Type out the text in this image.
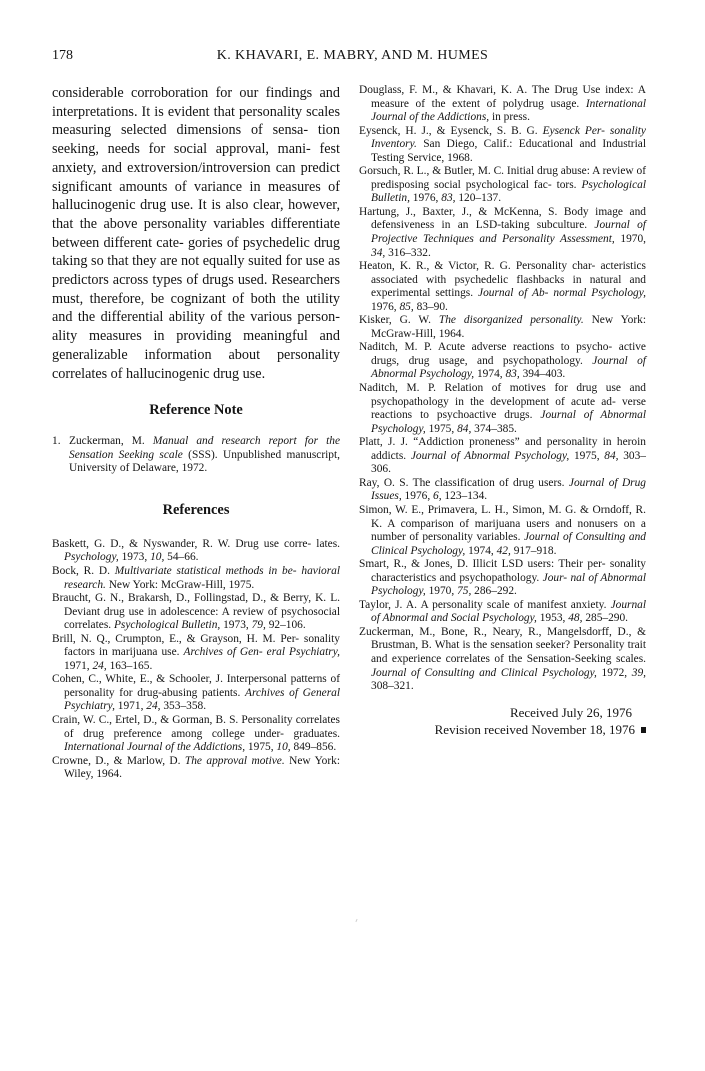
178	K. KHAVARI, E. MABRY, AND M. HUMES

considerable corroboration for our findings and interpretations. It is evident that personality scales measuring selected dimensions of sensa- tion seeking, needs for social approval, mani- fest anxiety, and extroversion/introversion can predict significant amounts of variance in measures of hallucinogenic drug use. It is also clear, however, that the above personality variables differentiate between different cate- gories of psychedelic drug taking so that they are not equally suited for use as predictors across types of drugs used. Researchers must, therefore, be cognizant of both the utility and the differential ability of the various person- ality measures in providing meaningful and generalizable information about personality correlates of hallucinogenic drug use.

Reference Note

1. Zuckerman, M. Manual and research report for the Sensation Seeking scale (SSS). Unpublished manuscript, University of Delaware, 1972.

References

Baskett, G. D., & Nyswander, R. W. Drug use corre- lates. Psychology, 1973, 10, 54–66.

Bock, R. D. Multivariate statistical methods in be- havioral research. New York: McGraw-Hill, 1975.

Braucht, G. N., Brakarsh, D., Follingstad, D., & Berry, K. L. Deviant drug use in adolescence: A review of psychosocial correlates. Psychological Bulletin, 1973, 79, 92–106.

Brill, N. Q., Crumpton, E., & Grayson, H. M. Per- sonality factors in marijuana use. Archives of Gen- eral Psychiatry, 1971, 24, 163–165.

Cohen, C., White, E., & Schooler, J. Interpersonal patterns of personality for drug-abusing patients. Archives of General Psychiatry, 1971, 24, 353–358.

Crain, W. C., Ertel, D., & Gorman, B. S. Personality correlates of drug preference among college under- graduates. International Journal of the Addictions, 1975, 10, 849–856.

Crowne, D., & Marlow, D. The approval motive. New York: Wiley, 1964.

Douglass, F. M., & Khavari, K. A. The Drug Use index: A measure of the extent of polydrug usage. International Journal of the Addictions, in press.

Eysenck, H. J., & Eysenck, S. B. G. Eysenck Per- sonality Inventory. San Diego, Calif.: Educational and Industrial Testing Service, 1968.

Gorsuch, R. L., & Butler, M. C. Initial drug abuse: A review of predisposing social psychological fac- tors. Psychological Bulletin, 1976, 83, 120–137.

Hartung, J., Baxter, J., & McKenna, S. Body image and defensiveness in an LSD-taking subculture. Journal of Projective Techniques and Personality Assessment, 1970, 34, 316–332.

Heaton, K. R., & Victor, R. G. Personality char- acteristics associated with psychedelic flashbacks in natural and experimental settings. Journal of Ab- normal Psychology, 1976, 85, 83–90.

Kisker, G. W. The disorganized personality. New York: McGraw-Hill, 1964.

Naditch, M. P. Acute adverse reactions to psycho- active drugs, drug usage, and psychopathology. Journal of Abnormal Psychology, 1974, 83, 394–403.

Naditch, M. P. Relation of motives for drug use and psychopathology in the development of acute ad- verse reactions to psychoactive drugs. Journal of Abnormal Psychology, 1975, 84, 374–385.

Platt, J. J. “Addiction proneness” and personality in heroin addicts. Journal of Abnormal Psychology, 1975, 84, 303–306.

Ray, O. S. The classification of drug users. Journal of Drug Issues, 1976, 6, 123–134.

Simon, W. E., Primavera, L. H., Simon, M. G. & Orndoff, R. K. A comparison of marijuana users and nonusers on a number of personality variables. Journal of Consulting and Clinical Psychology, 1974, 42, 917–918.

Smart, R., & Jones, D. Illicit LSD users: Their per- sonality characteristics and psychopathology. Jour- nal of Abnormal Psychology, 1970, 75, 286–292.

Taylor, J. A. A personality scale of manifest anxiety. Journal of Abnormal and Social Psychology, 1953, 48, 285–290.

Zuckerman, M., Bone, R., Neary, R., Mangelsdorff, D., & Brustman, B. What is the sensation seeker? Personality trait and experience correlates of the Sensation-Seeking scales. Journal of Consulting and Clinical Psychology, 1972, 39, 308–321.

Received July 26, 1976
Revision received November 18, 1976
